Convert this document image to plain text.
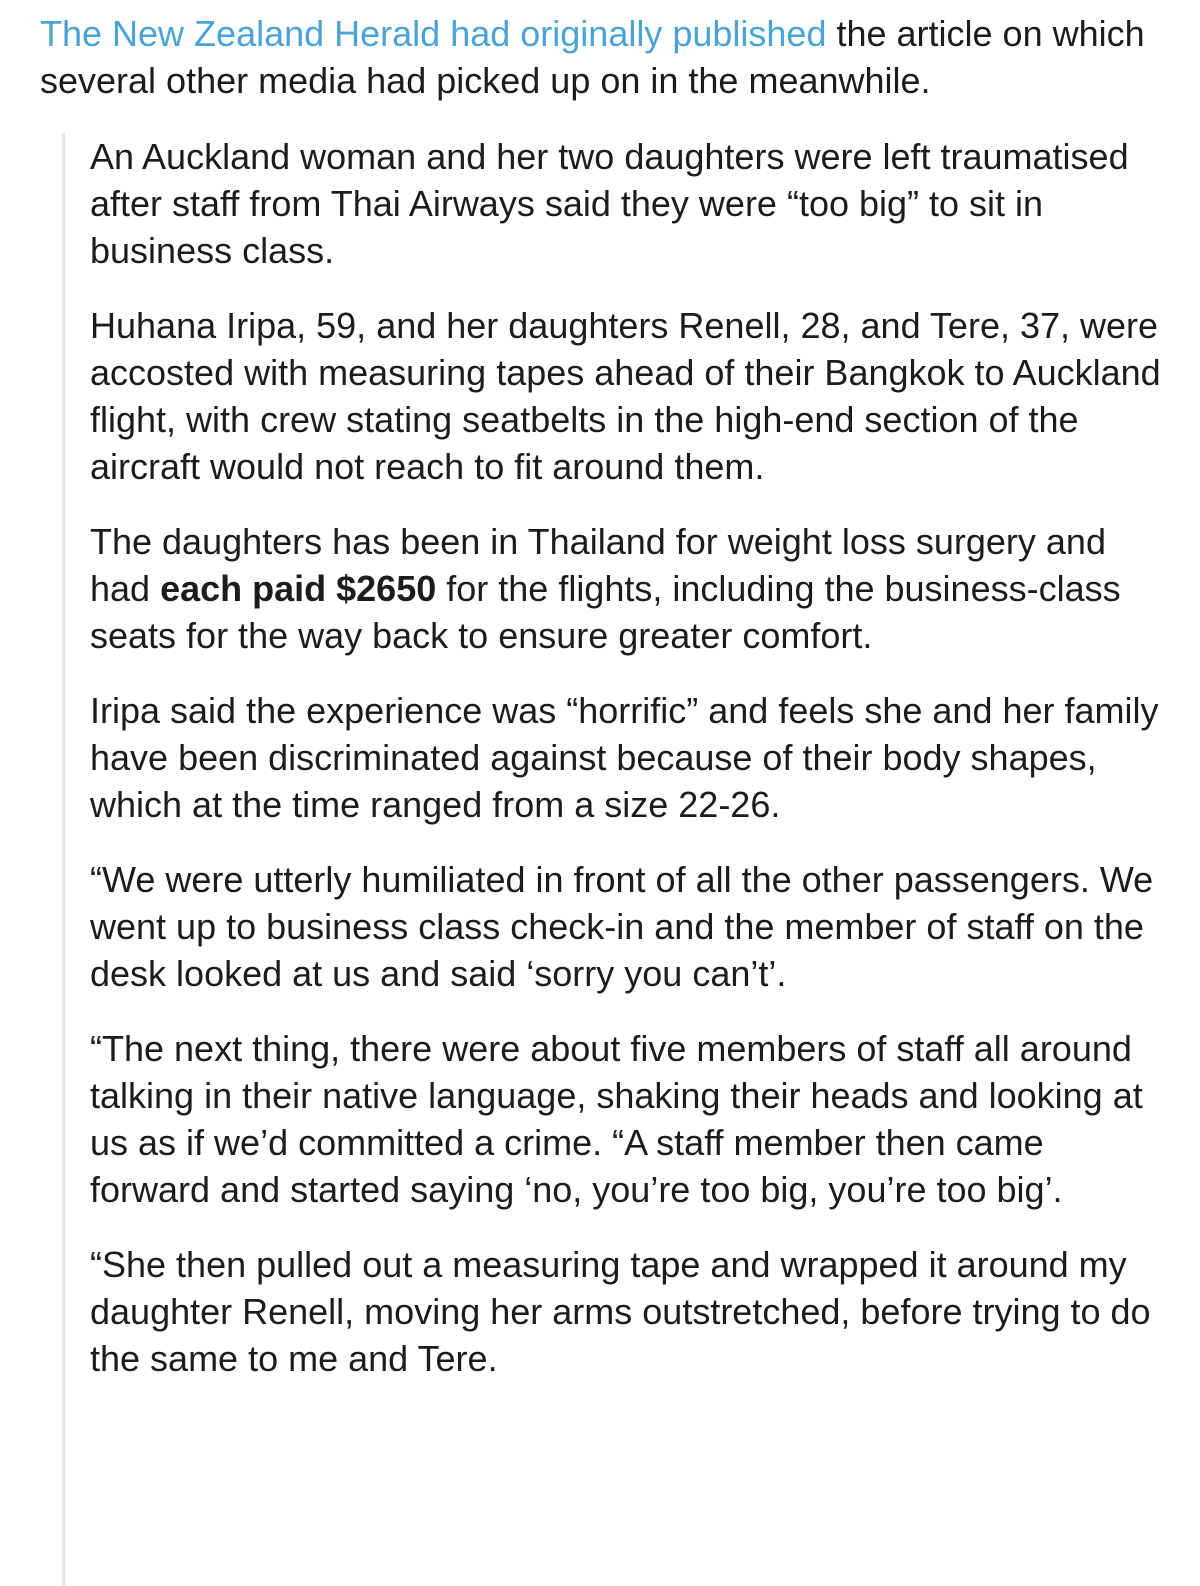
The New Zealand Herald had originally published the article on which several other media had picked up on in the meanwhile.

An Auckland woman and her two daughters were left traumatised after staff from Thai Airways said they were “too big” to sit in business class.

Huhana Iripa, 59, and her daughters Renell, 28, and Tere, 37, were accosted with measuring tapes ahead of their Bangkok to Auckland flight, with crew stating seatbelts in the high-end section of the aircraft would not reach to fit around them.

The daughters has been in Thailand for weight loss surgery and had each paid $2650 for the flights, including the business-class seats for the way back to ensure greater comfort.

Iripa said the experience was “horrific” and feels she and her family have been discriminated against because of their body shapes, which at the time ranged from a size 22-26.

“We were utterly humiliated in front of all the other passengers. We went up to business class check-in and the member of staff on the desk looked at us and said ‘sorry you can’t’.

“The next thing, there were about five members of staff all around talking in their native language, shaking their heads and looking at us as if we’d committed a crime. “A staff member then came forward and started saying ‘no, you’re too big, you’re too big’.

“She then pulled out a measuring tape and wrapped it around my daughter Renell, moving her arms outstretched, before trying to do the same to me and Tere.
